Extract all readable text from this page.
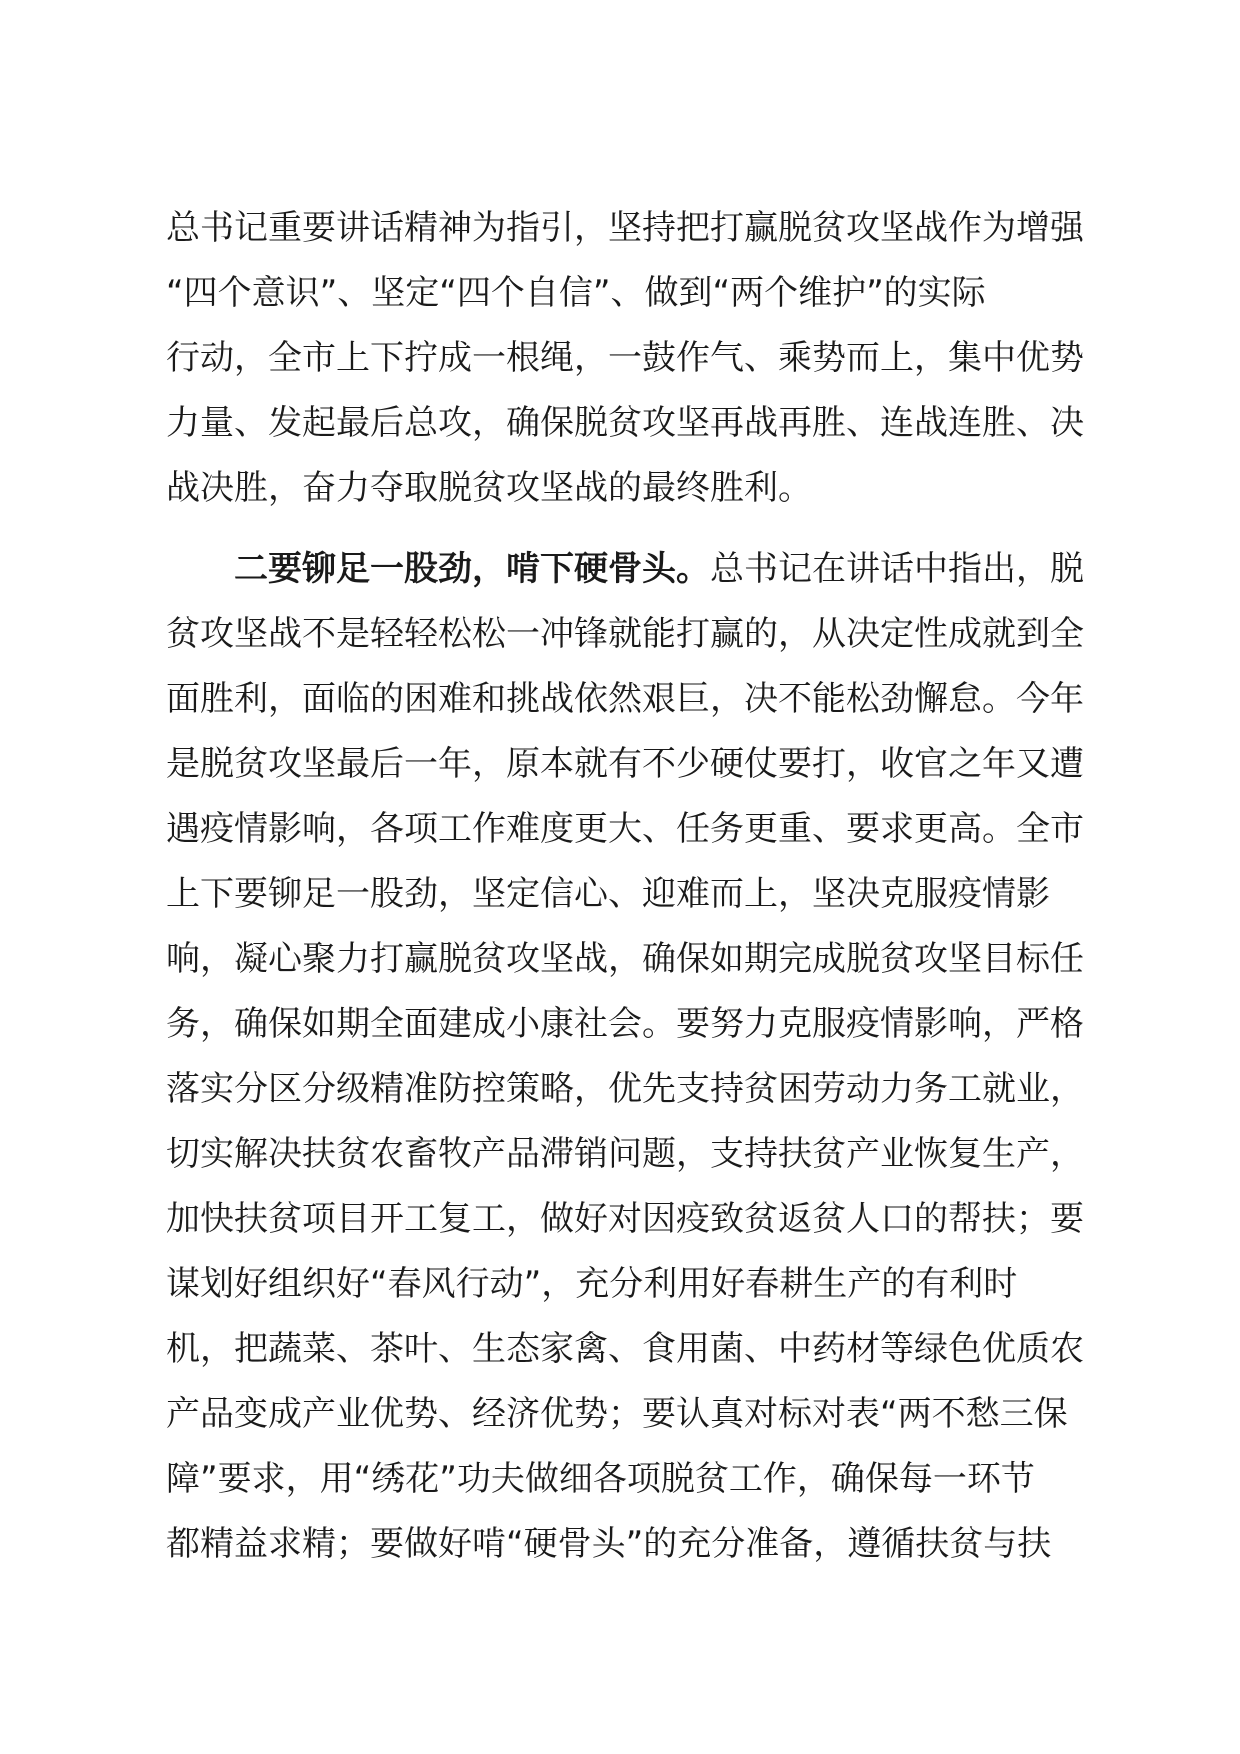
总书记重要讲话精神为指引，坚持把打赢脱贫攻坚战作为增强
“四个意识”、坚定“四个自信”、做到“两个维护”的实际
行动，全市上下拧成一根绳，一鼓作气、乘势而上，集中优势
力量、发起最后总攻，确保脱贫攻坚再战再胜、连战连胜、决
战决胜，奋力夺取脱贫攻坚战的最终胜利。
二要铆足一股劲，啃下硬骨头。总书记在讲话中指出，脱
贫攻坚战不是轻轻松松一冲锋就能打赢的，从决定性成就到全
面胜利，面临的困难和挑战依然艰巨，决不能松劲懈怠。今年
是脱贫攻坚最后一年，原本就有不少硬仗要打，收官之年又遭
遇疫情影响，各项工作难度更大、任务更重、要求更高。全市
上下要铆足一股劲，坚定信心、迎难而上，坚决克服疫情影
响，凝心聚力打赢脱贫攻坚战，确保如期完成脱贫攻坚目标任
务，确保如期全面建成小康社会。要努力克服疫情影响，严格
落实分区分级精准防控策略，优先支持贫困劳动力务工就业，
切实解决扶贫农畜牧产品滞销问题，支持扶贫产业恢复生产，
加快扶贫项目开工复工，做好对因疫致贫返贫人口的帮扶；要
谋划好组织好“春风行动”，充分利用好春耕生产的有利时
机，把蔬菜、茶叶、生态家禽、食用菌、中药材等绿色优质农
产品变成产业优势、经济优势；要认真对标对表“两不愁三保
障”要求，用“绣花”功夫做细各项脱贫工作，确保每一环节
都精益求精；要做好啃“硬骨头”的充分准备，遵循扶贫与扶
